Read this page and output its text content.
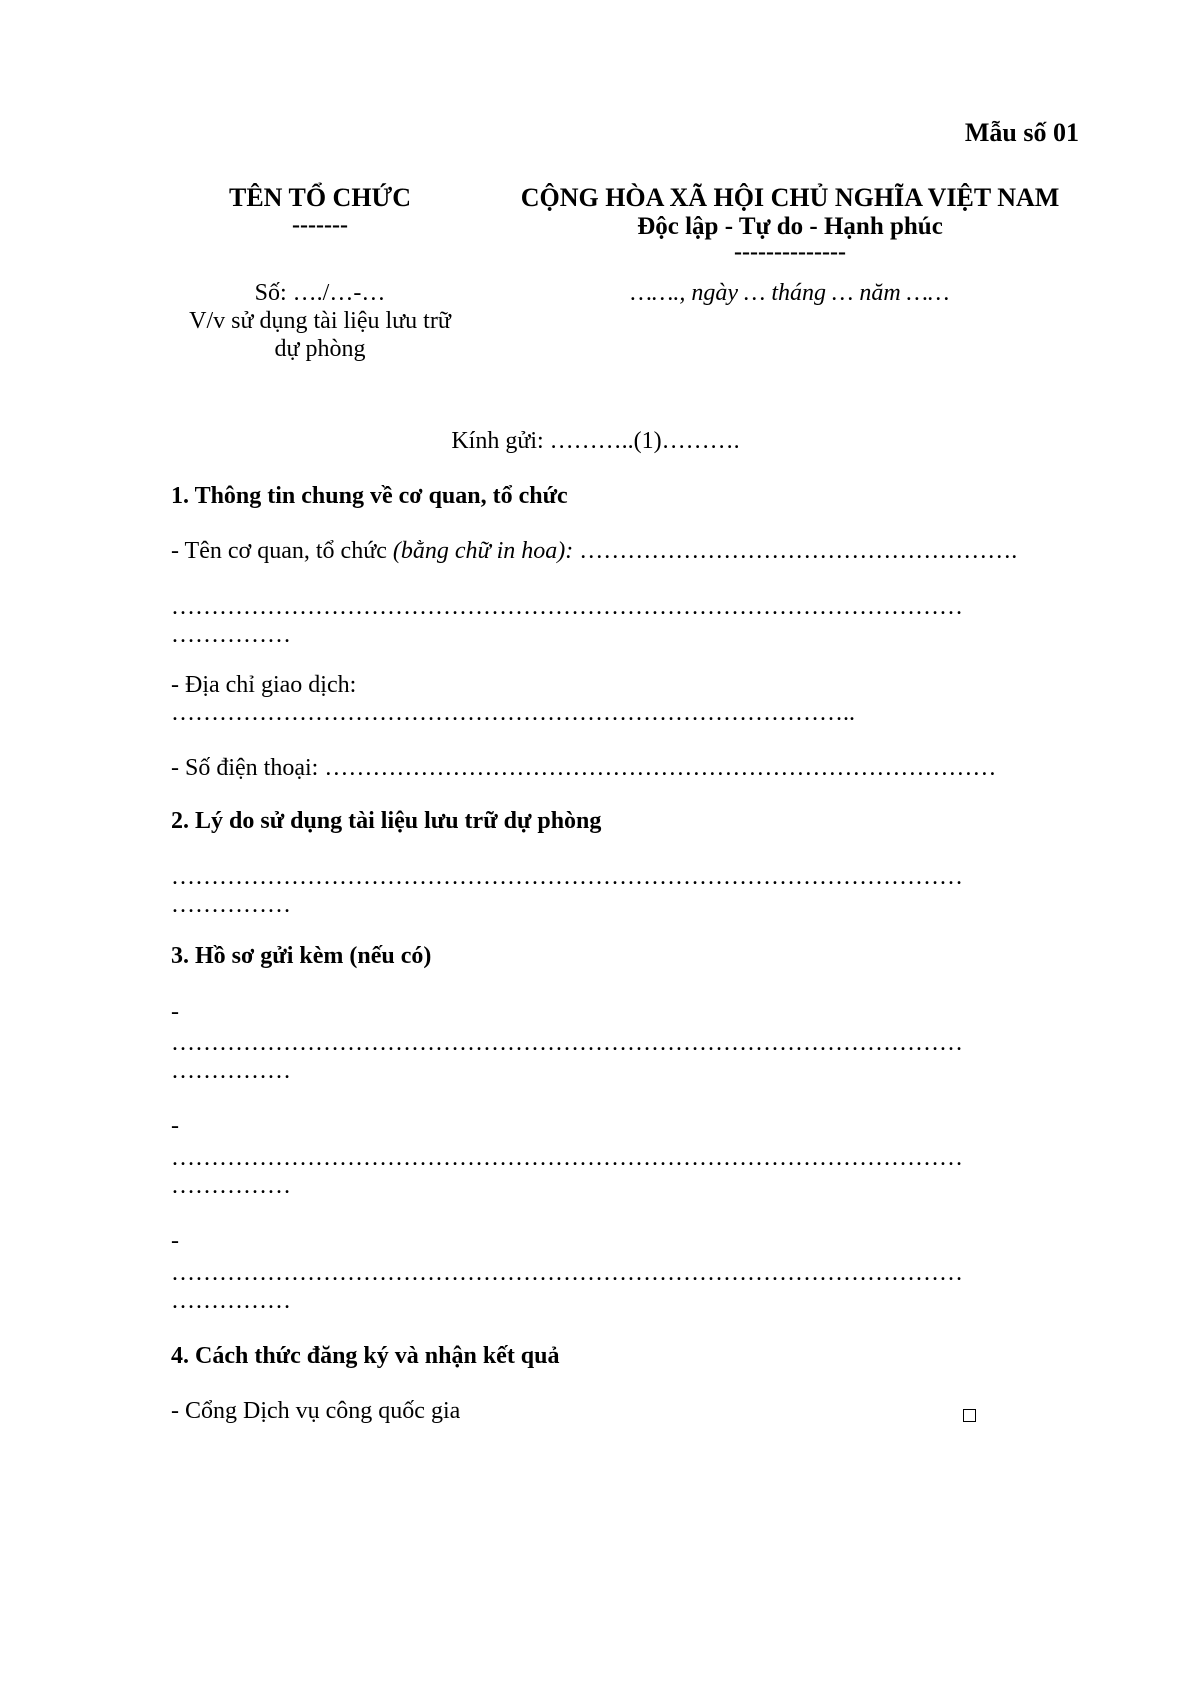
Mẫu số 01
TÊN TỔ CHỨC
-------
CỘNG HÒA XÃ HỘI CHỦ NGHĨA VIỆT NAM
Độc lập - Tự do - Hạnh phúc
--------------
Số: …./…-…
V/v sử dụng tài liệu lưu trữ
dự phòng
……., ngày … tháng … năm ……
Kính gửi: ………..(1)……….
1. Thông tin chung về cơ quan, tổ chức
- Tên cơ quan, tổ chức (bằng chữ in hoa): ……………………………………………….
………………………………………………………………………………………
……………
- Địa chỉ giao dịch:
…………………………………………………………………………..
- Số điện thoại: …………………………………………………………………………
2. Lý do sử dụng tài liệu lưu trữ dự phòng
………………………………………………………………………………………
……………
3. Hồ sơ gửi kèm (nếu có)
-
………………………………………………………………………………………
……………
-
………………………………………………………………………………………
……………
-
………………………………………………………………………………………
……………
4. Cách thức đăng ký và nhận kết quả
- Cổng Dịch vụ công quốc gia
